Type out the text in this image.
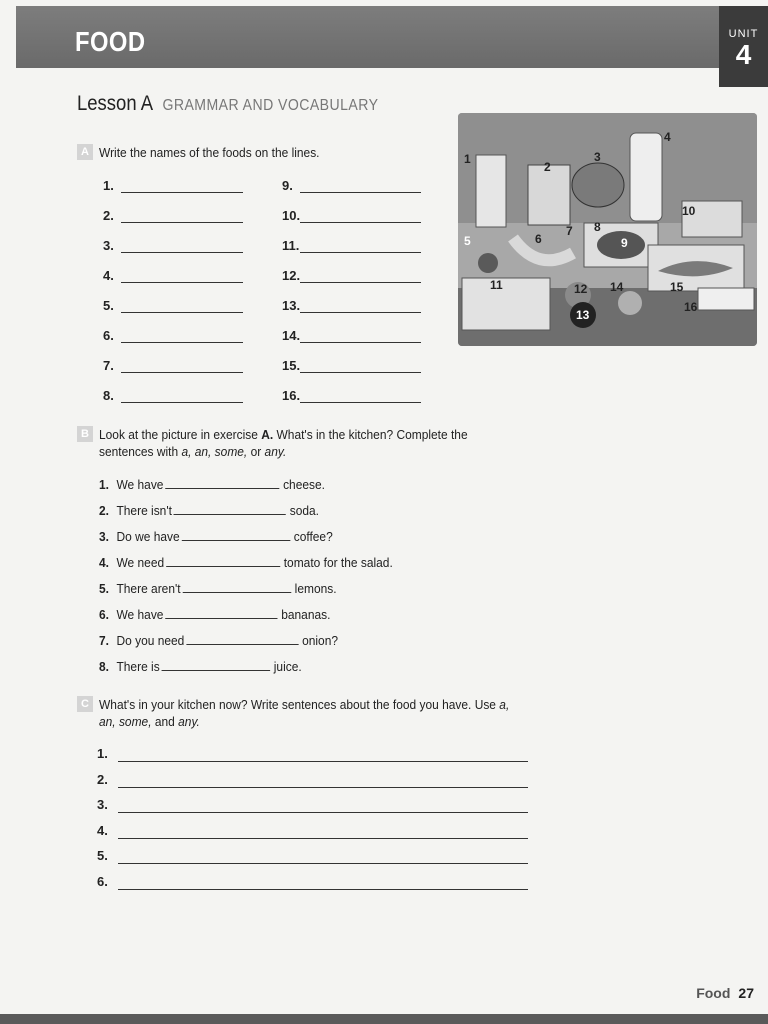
FOOD	UNIT
4
Lesson A GRAMMAR AND VOCABULARY
A Write the names of the foods on the lines.
1.
2.
3.
4.
5.
6.
7.
8.
9.
10.
11.
12.
13.
14.
15.
16.
1
2
3
4
5	6
7 8
9
10
11	12
13
14	15
16
B Look at the picture in exercise A. What's in the kitchen? Complete the
sentences with a, an, some, or any.
1. We have	cheese.
2. There isn't	soda.
3. Do we have	coffee?
4. We need	tomato for the salad.
5. There aren't	lemons.
6. We have	bananas.
7. Do you need	onion?
8. There is	juice.
C What's in your kitchen now? Write sentences about the food you have. Use a,
an, some, and any.
1.
2.
3.
4.
5.
6.
Food 27
